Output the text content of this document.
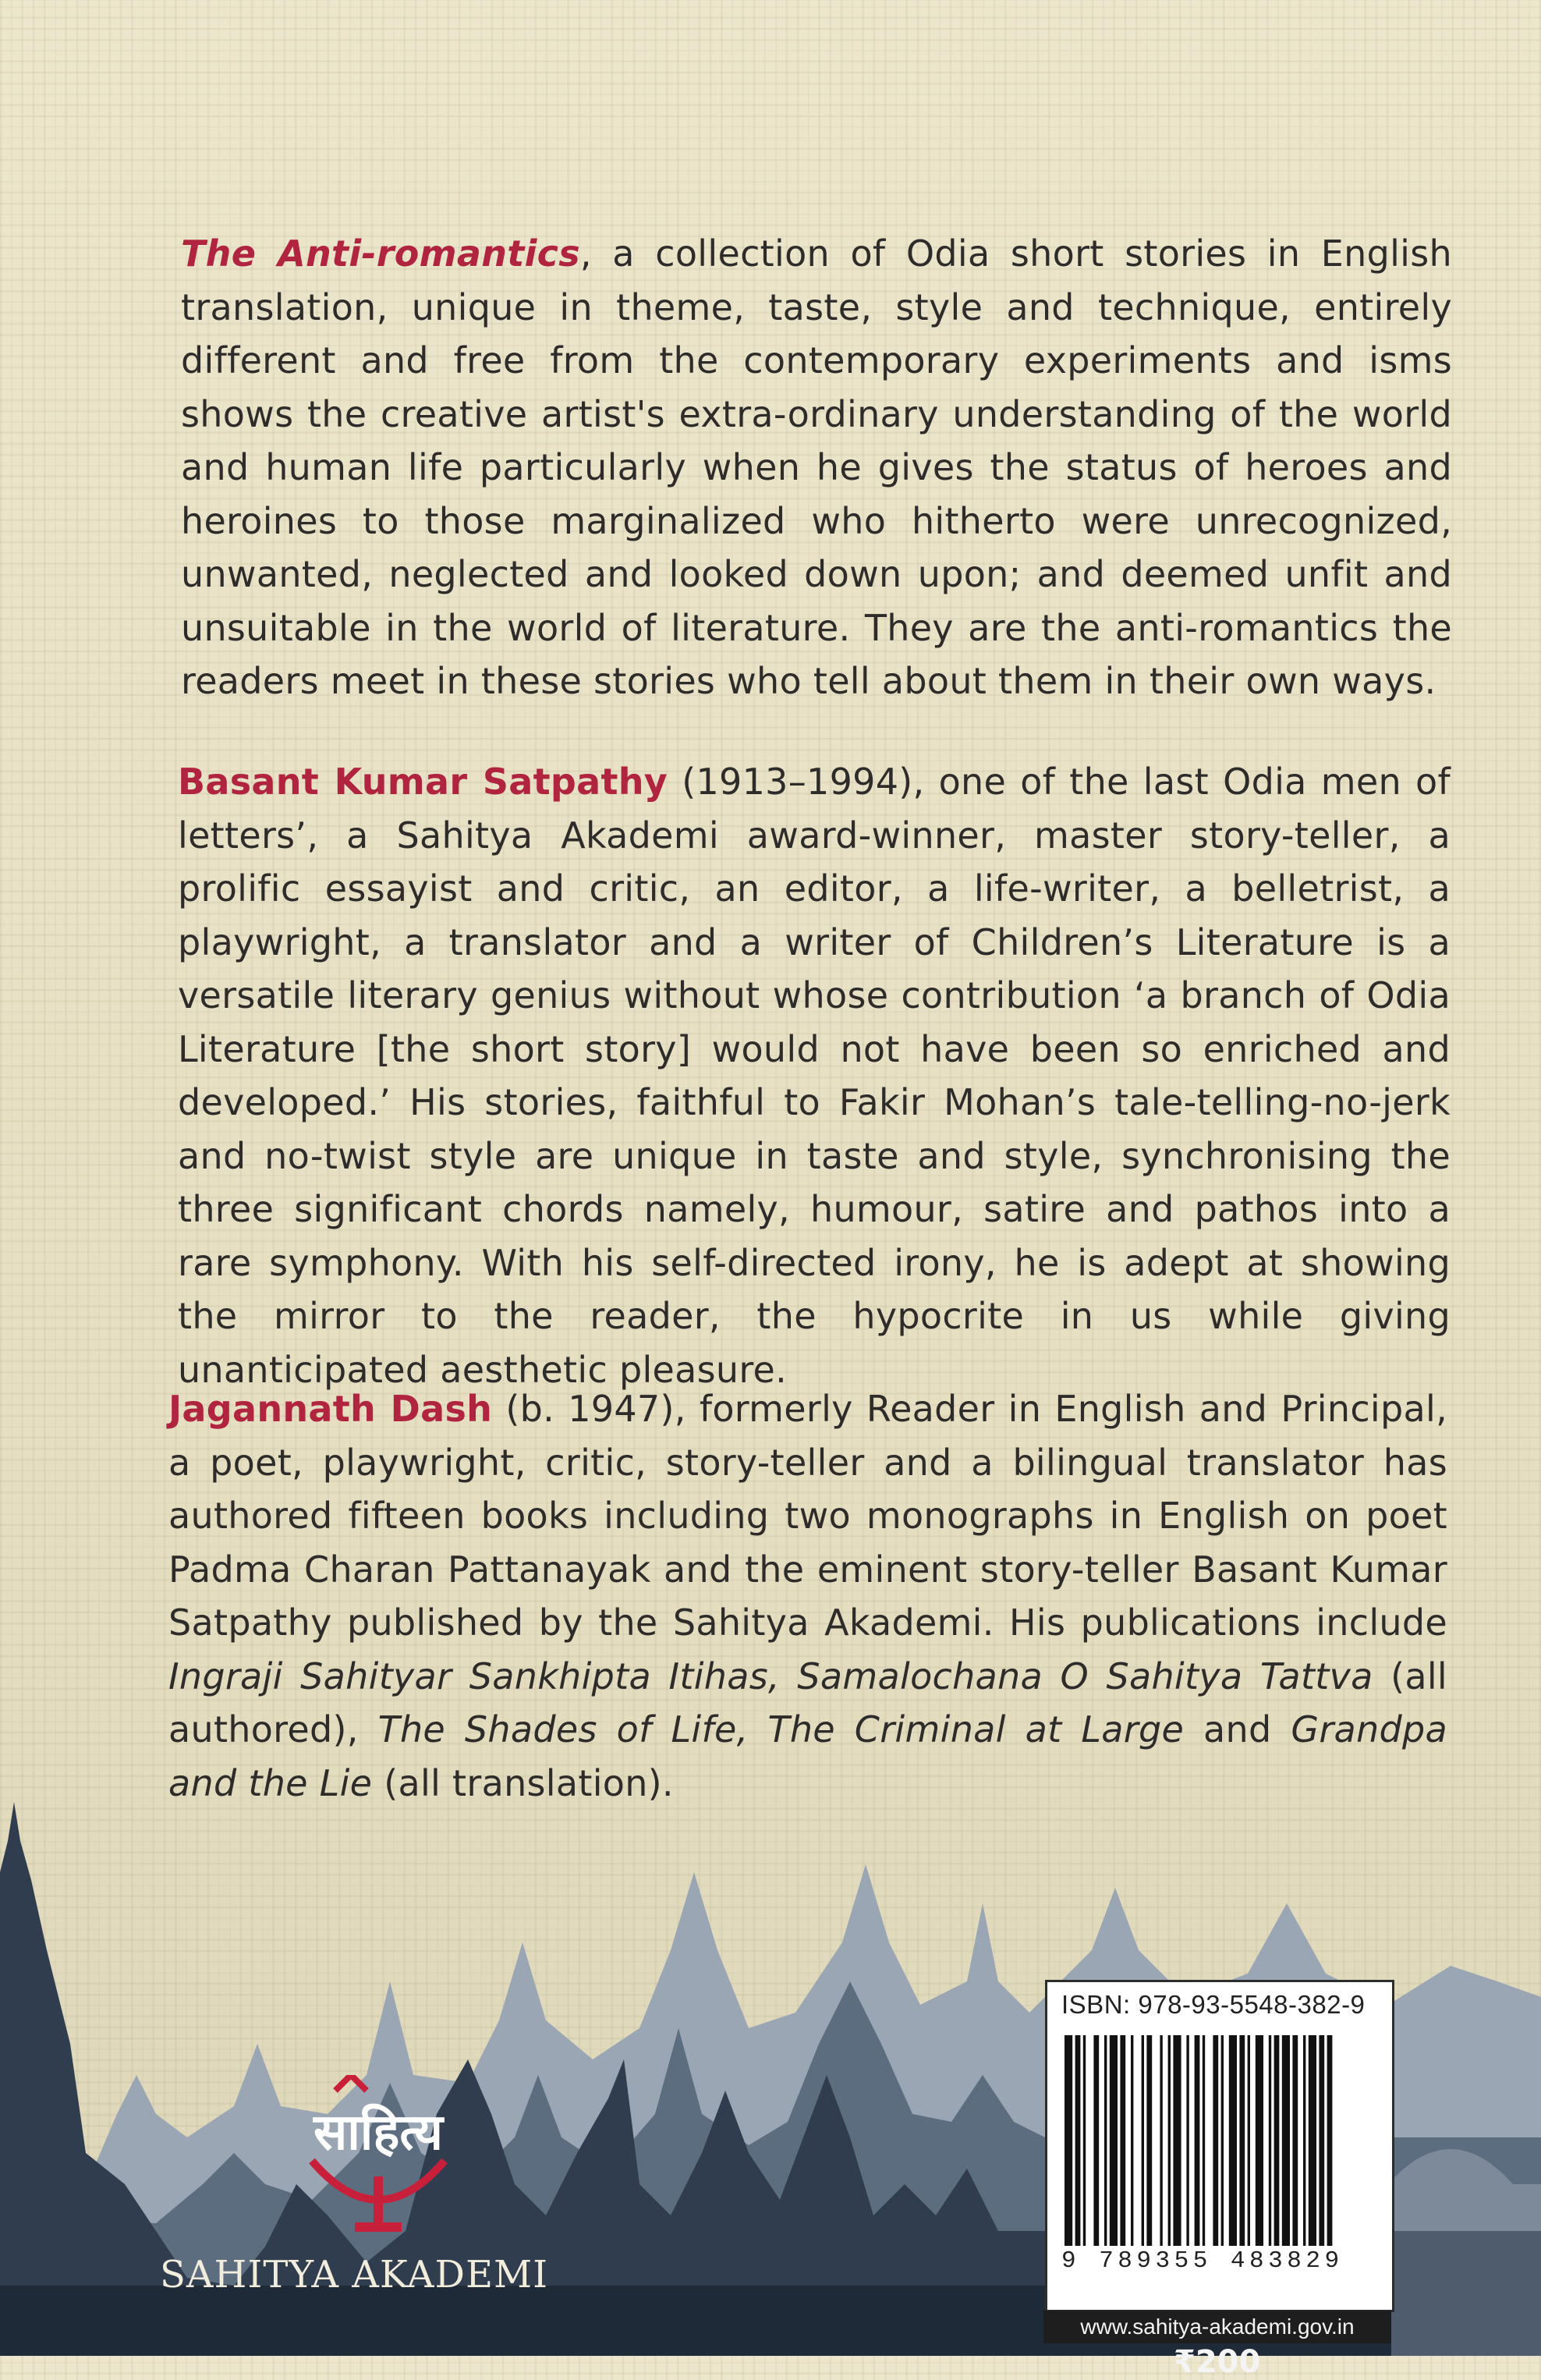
The Anti-romantics, a collection of Odia short stories in English translation, unique in theme, taste, style and technique, entirely different and free from the contemporary experiments and isms shows the creative artist's extra-ordinary understanding of the world and human life particularly when he gives the status of heroes and heroines to those marginalized who hitherto were unrecognized, unwanted, neglected and looked down upon; and deemed unfit and unsuitable in the world of literature. They are the anti-romantics the readers meet in these stories who tell about them in their own ways.

Basant Kumar Satpathy (1913–1994), one of the last Odia men of letters’, a Sahitya Akademi award-winner, master story-teller, a prolific essayist and critic, an editor, a life-writer, a belletrist, a playwright, a translator and a writer of Children’s Literature is a versatile literary genius without whose contribution ‘a branch of Odia Literature [the short story] would not have been so enriched and developed.’ His stories, faithful to Fakir Mohan’s tale-telling-no-jerk and no-twist style are unique in taste and style, synchronising the three significant chords namely, humour, satire and pathos into a rare symphony. With his self-directed irony, he is adept at showing the mirror to the reader, the hypocrite in us while giving unanticipated aesthetic pleasure.

Jagannath Dash (b. 1947), formerly Reader in English and Principal, a poet, playwright, critic, story-teller and a bilingual translator has authored fifteen books including two monographs in English on poet Padma Charan Pattanayak and the eminent story-teller Basant Kumar Satpathy published by the Sahitya Akademi. His publications include Ingraji Sahityar Sankhipta Itihas, Samalochana O Sahitya Tattva (all authored), The Shades of Life, The Criminal at Large and Grandpa and the Lie (all translation).

साहित्य
SAHITYA AKADEMI
ISBN: 978-93-5548-382-9
9 789355 483829
www.sahitya-akademi.gov.in
₹200
